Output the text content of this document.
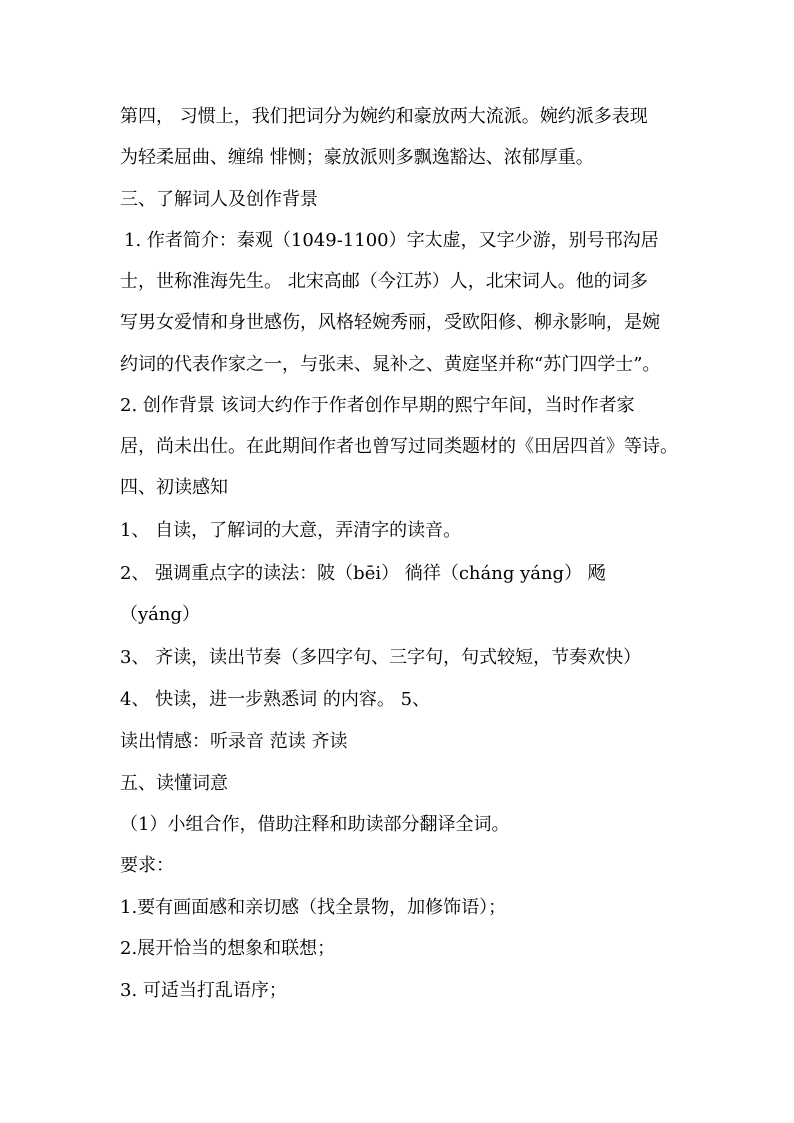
第四， 习惯上，我们把词分为婉约和豪放两大流派。婉约派多表现
为轻柔屈曲、缠绵 悱恻；豪放派则多飘逸豁达、浓郁厚重。
三、了解词人及创作背景
1. 作者简介：秦观（1049-1100）字太虚，又字少游，别号邗沟居
士，世称淮海先生。 北宋高邮（今江苏）人，北宋词人。他的词多
写男女爱情和身世感伤，风格轻婉秀丽，受欧阳修、柳永影响，是婉
约词的代表作家之一，与张耒、晁补之、黄庭坚并称“苏门四学士”。
2. 创作背景 该词大约作于作者创作早期的熙宁年间，当时作者家
居，尚未出仕。在此期间作者也曾写过同类题材的《田居四首》等诗。
四、初读感知
1、 自读，了解词的大意，弄清字的读音。
2、 强调重点字的读法：陂（bēi） 徜徉（cháng yáng） 飏
（yáng）
3、 齐读，读出节奏（多四字句、三字句，句式较短，节奏欢快）
4、 快读，进一步熟悉词 的内容。 5、
读出情感：听录音 范读 齐读
五、读懂词意
（1）小组合作，借助注释和助读部分翻译全词。
要求：
1.要有画面感和亲切感（找全景物，加修饰语）；
2.展开恰当的想象和联想；
3. 可适当打乱语序；
